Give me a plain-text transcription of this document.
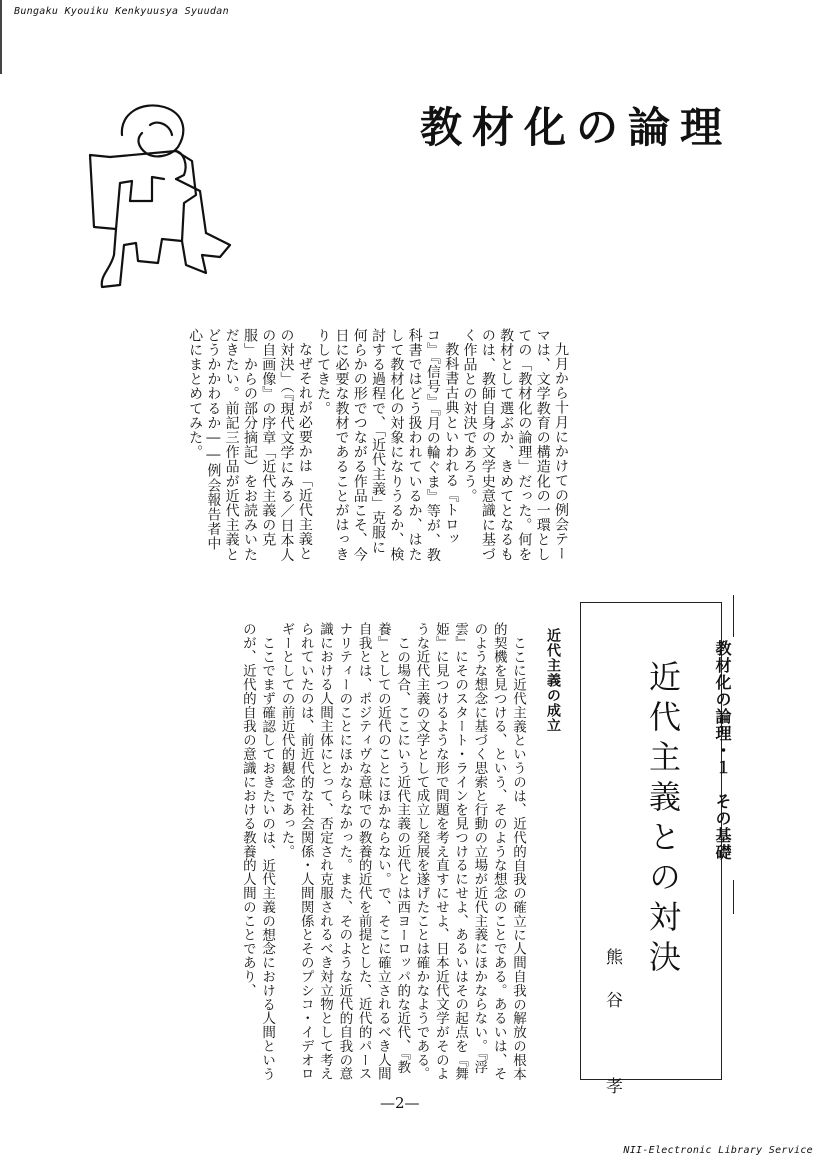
Bungaku Kyouiku Kenkyuusya Syuudan
教材化の論理

九月から十月にかけての例会テーマは、文学教育の構造化の一環としての「教材化の論理」だった。何を教材として選ぶか、きめてとなるものは、教師自身の文学史意識に基づく作品との対決であろう。

教科書古典といわれる『トロッコ』『信号』『月の輪ぐま』等が、教科書ではどう扱われているか、はたして教材化の対象になりうるか、検討する過程で、「近代主義」克服に何らかの形でつながる作品こそ、今日に必要な教材であることがはっきりしてきた。

なぜそれが必要かは「近代主義との対決」（『現代文学にみる／日本人の自画像』の序章「近代主義の克服」からの部分摘記）をお読みいただきたい。前記三作品が近代主義とどうかかわるか――例会報告者中心にまとめてみた。

教材化の論理・１　その基礎
近代主義との対決
熊谷　孝
近代主義の成立

ここに近代主義というのは、近代的自我の確立に人間自我の解放の根本的契機を見つける、という、そのような想念のことである。あるいは、そのような想念に基づく思索と行動の立場が近代主義にほかならない。『浮雲』にそのスタート・ラインを見つけるにせよ、あるいはその起点を『舞姫』に見つけるような形で問題を考え直すにせよ、日本近代文学がそのような近代主義の文学として成立し発展を遂げたことは確かなようである。

この場合、ここにいう近代主義の近代とは西ヨーロッパ的な近代、『教養』としての近代のことにほかならない。で、そこに確立されるべき人間自我とは、ポジティヴな意味での教養的近代を前提とした、近代的パースナリティーのことにほかならなかった。また、そのような近代的自我の意識における人間主体にとって、否定され克服されるべき対立物として考えられていたのは、前近代的な社会関係・人間関係とそのプシコ・イデオロギーとしての前近代的観念であった。

ここでまず確認しておきたいのは、近代主義の想念における人間というのが、近代的自我の意識における教養的人間のことであり、

—2—
NII-Electronic Library Service
